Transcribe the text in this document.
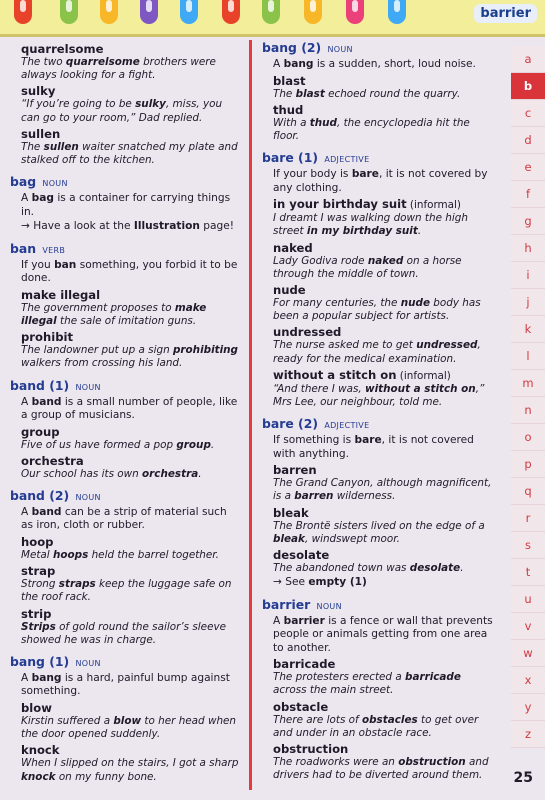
barrier
quarrelsome
The two quarrelsome brothers were always looking for a fight.
sulky
“If you’re going to be sulky, miss, you can go to your room,” Dad replied.
sullen
The sullen waiter snatched my plate and stalked off to the kitchen.
bag NOUN
A bag is a container for carrying things in.
→ Have a look at the Illustration page!
ban VERB
If you ban something, you forbid it to be done.
make illegal
The government proposes to make illegal the sale of imitation guns.
prohibit
The landowner put up a sign prohibiting walkers from crossing his land.
band (1) NOUN
A band is a small number of people, like a group of musicians.
group
Five of us have formed a pop group.
orchestra
Our school has its own orchestra.
band (2) NOUN
A band can be a strip of material such as iron, cloth or rubber.
hoop
Metal hoops held the barrel together.
strap
Strong straps keep the luggage safe on the roof rack.
strip
Strips of gold round the sailor’s sleeve showed he was in charge.
bang (1) NOUN
A bang is a hard, painful bump against something.
blow
Kirstin suffered a blow to her head when the door opened suddenly.
knock
When I slipped on the stairs, I got a sharp knock on my funny bone.
bang (2) NOUN
A bang is a sudden, short, loud noise.
blast
The blast echoed round the quarry.
thud
With a thud, the encyclopedia hit the floor.
bare (1) ADJECTIVE
If your body is bare, it is not covered by any clothing.
in your birthday suit (informal)
I dreamt I was walking down the high street in my birthday suit.
naked
Lady Godiva rode naked on a horse through the middle of town.
nude
For many centuries, the nude body has been a popular subject for artists.
undressed
The nurse asked me to get undressed, ready for the medical examination.
without a stitch on (informal)
“And there I was, without a stitch on,” Mrs Lee, our neighbour, told me.
bare (2) ADJECTIVE
If something is bare, it is not covered with anything.
barren
The Grand Canyon, although magnificent, is a barren wilderness.
bleak
The Brontë sisters lived on the edge of a bleak, windswept moor.
desolate
The abandoned town was desolate.
→ See empty (1)
barrier NOUN
A barrier is a fence or wall that prevents people or animals getting from one area to another.
barricade
The protesters erected a barricade across the main street.
obstacle
There are lots of obstacles to get over and under in an obstacle race.
obstruction
The roadworks were an obstruction and drivers had to be diverted around them.
a
b
c
d
e
f
g
h
i
j
k
l
m
n
o
p
q
r
s
t
u
v
w
x
y
z
25
